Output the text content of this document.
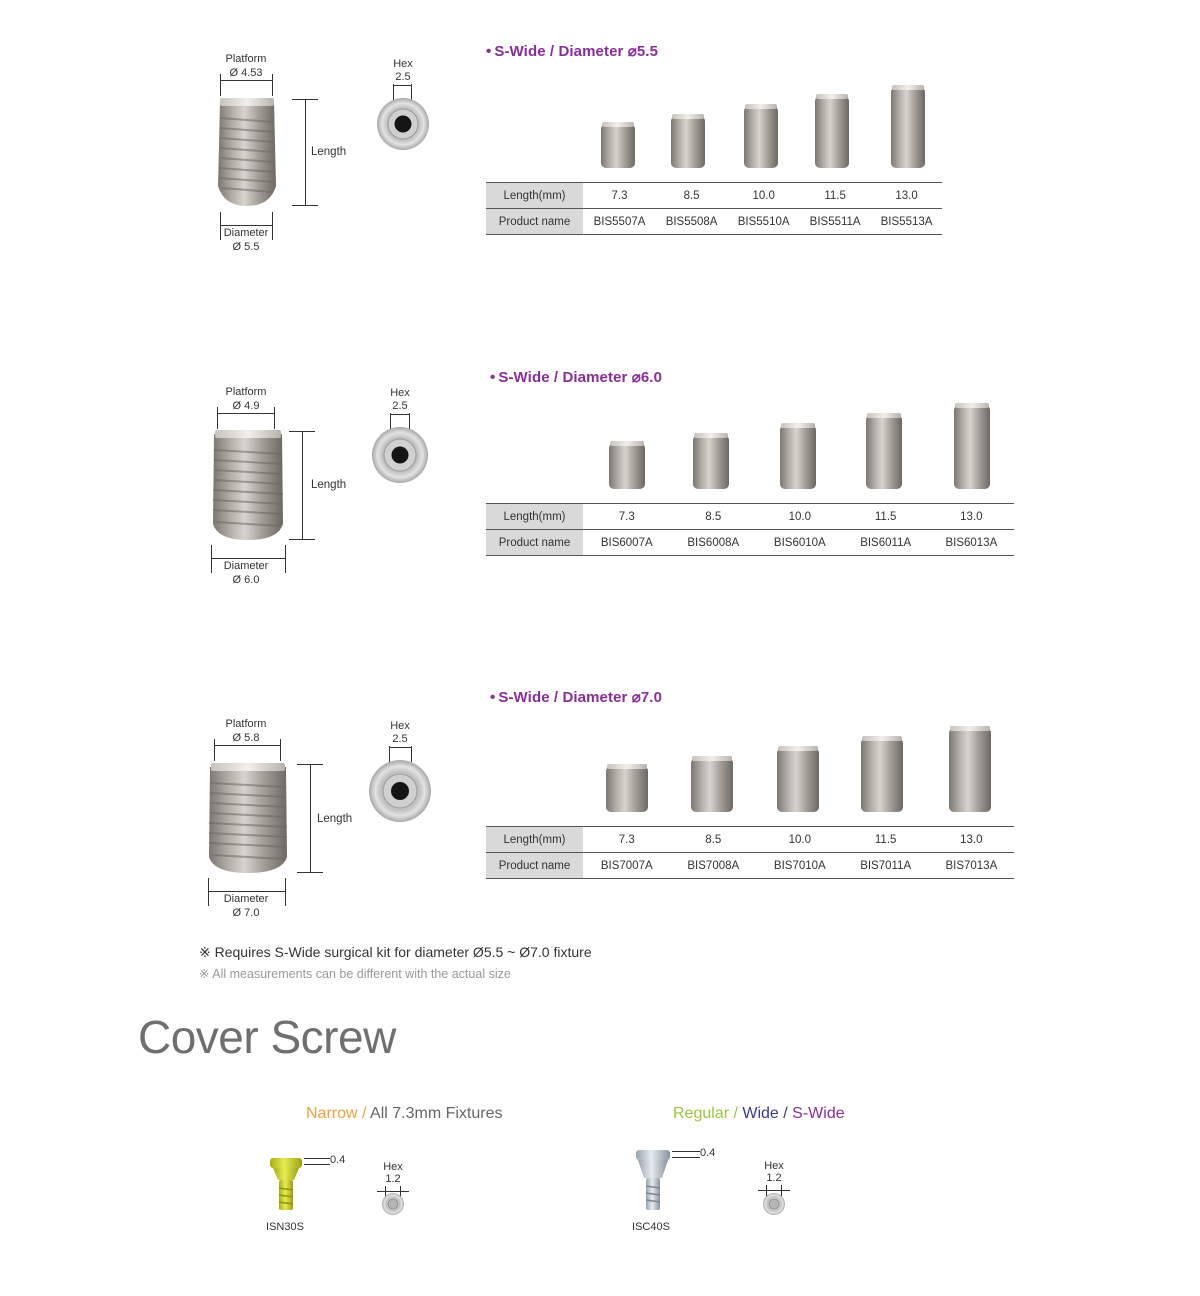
Platform
Ø 4.53
Length
Diameter
Ø 5.5
Hex
2.5
• S-Wide / Diameter ⌀5.5
Length(mm)	7.3	8.5	10.0	11.5	13.0
Product name	BIS5507A	BIS5508A	BIS5510A	BIS5511A	BIS5513A
Platform
Ø 4.9
Length
Diameter
Ø 6.0
Hex
2.5
• S-Wide / Diameter ⌀6.0
Length(mm)	7.3	8.5	10.0	11.5	13.0
Product name	BIS6007A	BIS6008A	BIS6010A	BIS6011A	BIS6013A
Platform
Ø 5.8
Length
Diameter
Ø 7.0
Hex
2.5
• S-Wide / Diameter ⌀7.0
Length(mm)	7.3	8.5	10.0	11.5	13.0
Product name	BIS7007A	BIS7008A	BIS7010A	BIS7011A	BIS7013A
※ Requires S-Wide surgical kit for diameter Ø5.5 ~ Ø7.0 fixture
※ All measurements can be different with the actual size
Cover Screw
Narrow / All 7.3mm Fixtures
0.4
ISN30S
Hex
1.2
Regular / Wide / S-Wide
0.4
ISC40S
Hex
1.2
